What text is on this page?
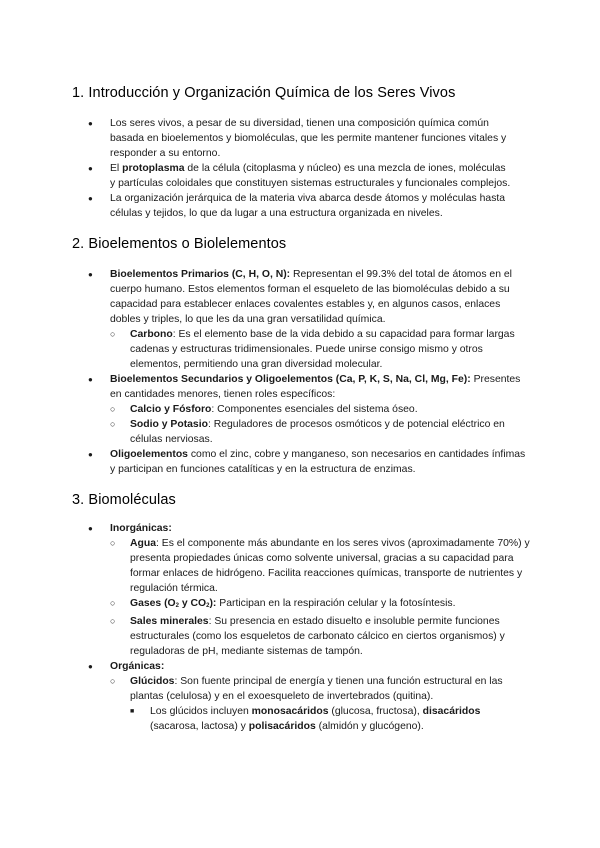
1. Introducción y Organización Química de los Seres Vivos
● Los seres vivos, a pesar de su diversidad, tienen una composición química común basada en bioelementos y biomoléculas, que les permite mantener funciones vitales y responder a su entorno.
● El protoplasma de la célula (citoplasma y núcleo) es una mezcla de iones, moléculas y partículas coloidales que constituyen sistemas estructurales y funcionales complejos.
● La organización jerárquica de la materia viva abarca desde átomos y moléculas hasta células y tejidos, lo que da lugar a una estructura organizada en niveles.
2. Bioelementos o Biolelementos
● Bioelementos Primarios (C, H, O, N): Representan el 99.3% del total de átomos en el cuerpo humano. Estos elementos forman el esqueleto de las biomoléculas debido a su capacidad para establecer enlaces covalentes estables y, en algunos casos, enlaces dobles y triples, lo que les da una gran versatilidad química.
○ Carbono: Es el elemento base de la vida debido a su capacidad para formar largas cadenas y estructuras tridimensionales. Puede unirse consigo mismo y otros elementos, permitiendo una gran diversidad molecular.
● Bioelementos Secundarios y Oligoelementos (Ca, P, K, S, Na, Cl, Mg, Fe): Presentes en cantidades menores, tienen roles específicos:
○ Calcio y Fósforo: Componentes esenciales del sistema óseo.
○ Sodio y Potasio: Reguladores de procesos osmóticos y de potencial eléctrico en células nerviosas.
● Oligoelementos como el zinc, cobre y manganeso, son necesarios en cantidades ínfimas y participan en funciones catalíticas y en la estructura de enzimas.
3. Biomoléculas
● Inorgánicas:
○ Agua: Es el componente más abundante en los seres vivos (aproximadamente 70%) y presenta propiedades únicas como solvente universal, gracias a su capacidad para formar enlaces de hidrógeno. Facilita reacciones químicas, transporte de nutrientes y regulación térmica.
○ Gases ($O_2$ y $CO_2$): Participan en la respiración celular y la fotosíntesis.
○ Sales minerales: Su presencia en estado disuelto e insoluble permite funciones estructurales (como los esqueletos de carbonato cálcico en ciertos organismos) y reguladoras de pH, mediante sistemas de tampón.
● Orgánicas:
○ Glúcidos: Son fuente principal de energía y tienen una función estructural en las plantas (celulosa) y en el exoesqueleto de invertebrados (quitina).
■ Los glúcidos incluyen monosacáridos (glucosa, fructosa), disacáridos (sacarosa, lactosa) y polisacáridos (almidón y glucógeno).
